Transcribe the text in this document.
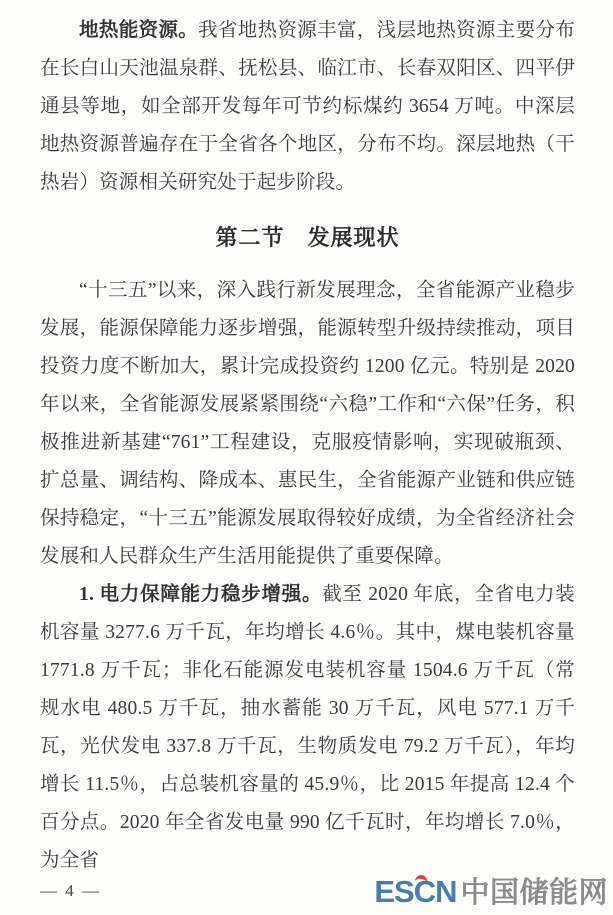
地热能资源。我省地热资源丰富，浅层地热资源主要分布在长白山天池温泉群、抚松县、临江市、长春双阳区、四平伊通县等地，如全部开发每年可节约标煤约 3654 万吨。中深层地热资源普遍存在于全省各个地区，分布不均。深层地热（干热岩）资源相关研究处于起步阶段。

第二节　发展现状

“十三五”以来，深入践行新发展理念，全省能源产业稳步发展，能源保障能力逐步增强，能源转型升级持续推动，项目投资力度不断加大，累计完成投资约 1200 亿元。特别是 2020 年以来，全省能源发展紧紧围绕“六稳”工作和“六保”任务，积极推进新基建“761”工程建设，克服疫情影响，实现破瓶颈、扩总量、调结构、降成本、惠民生，全省能源产业链和供应链保持稳定，“十三五”能源发展取得较好成绩，为全省经济社会发展和人民群众生产生活用能提供了重要保障。

1. 电力保障能力稳步增强。截至 2020 年底，全省电力装机容量 3277.6 万千瓦，年均增长 4.6％。其中，煤电装机容量 1771.8 万千瓦；非化石能源发电装机容量 1504.6 万千瓦（常规水电 480.5 万千瓦，抽水蓄能 30 万千瓦，风电 577.1 万千瓦，光伏发电 337.8 万千瓦，生物质发电 79.2 万千瓦），年均增长 11.5％，占总装机容量的 45.9％，比 2015 年提高 12.4 个百分点。2020 年全省发电量 990 亿千瓦时，年均增长 7.0％，为全省

— 4 —	ESCN 中国储能网
